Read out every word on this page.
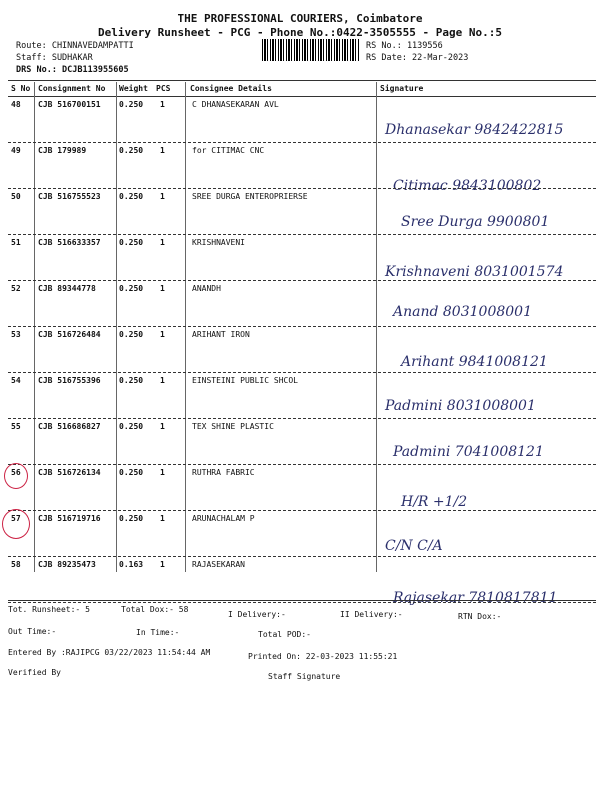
THE PROFESSIONAL COURIERS, Coimbatore
Delivery Runsheet - PCG - Phone No.:0422-3505555 - Page No.:5
Route: CHINNAVEDAMPATTI
Staff: SUDHAKAR
DRS No.: DCJB113955605
RS No.: 1139556
RS Date: 22-Mar-2023
S No Consignment No Weight PCS Consignee Details	Signature
48 CJB 516700151 0.250 1	C DHANASEKARAN AVL
Dhanasekar 9842422815
49 CJB 179989	0.250 1	for CITIMAC CNC
Citimac 9843100802
50 CJB 516755523 0.250 1	SREE DURGA ENTEROPRIERSE
Sree Durga 9900801
51 CJB 516633357 0.250 1	KRISHNAVENI
Krishnaveni 8031001574
52 CJB 89344778	0.250 1	ANANDH
Anand 8031008001
53 CJB 516726484 0.250 1	ARIHANT IRON
Arihant 9841008121
54 CJB 516755396 0.250 1	EINSTEINI PUBLIC SHCOL
Padmini 8031008001
55 CJB 516686827 0.250 1	TEX SHINE PLASTIC
Padmini 7041008121
56 CJB 516726134 0.250 1	RUTHRA FABRIC
H/R +1/2
57 CJB 516719716 0.250 1	ARUNACHALAM P
C/N C/A
58 CJB 89235473	0.163 1	RAJASEKARAN
Rajasekar 7810817811
Tot. Runsheet:- 5	Total Dox:- 58
I Delivery:-	II Delivery:-	RTN Dox:-
Out Time:-	In Time:-	Total POD:-
Entered By :RAJIPCG 03/22/2023 11:54:44 AM	Printed On: 22-03-2023 11:55:21
Verified By	Staff Signature
